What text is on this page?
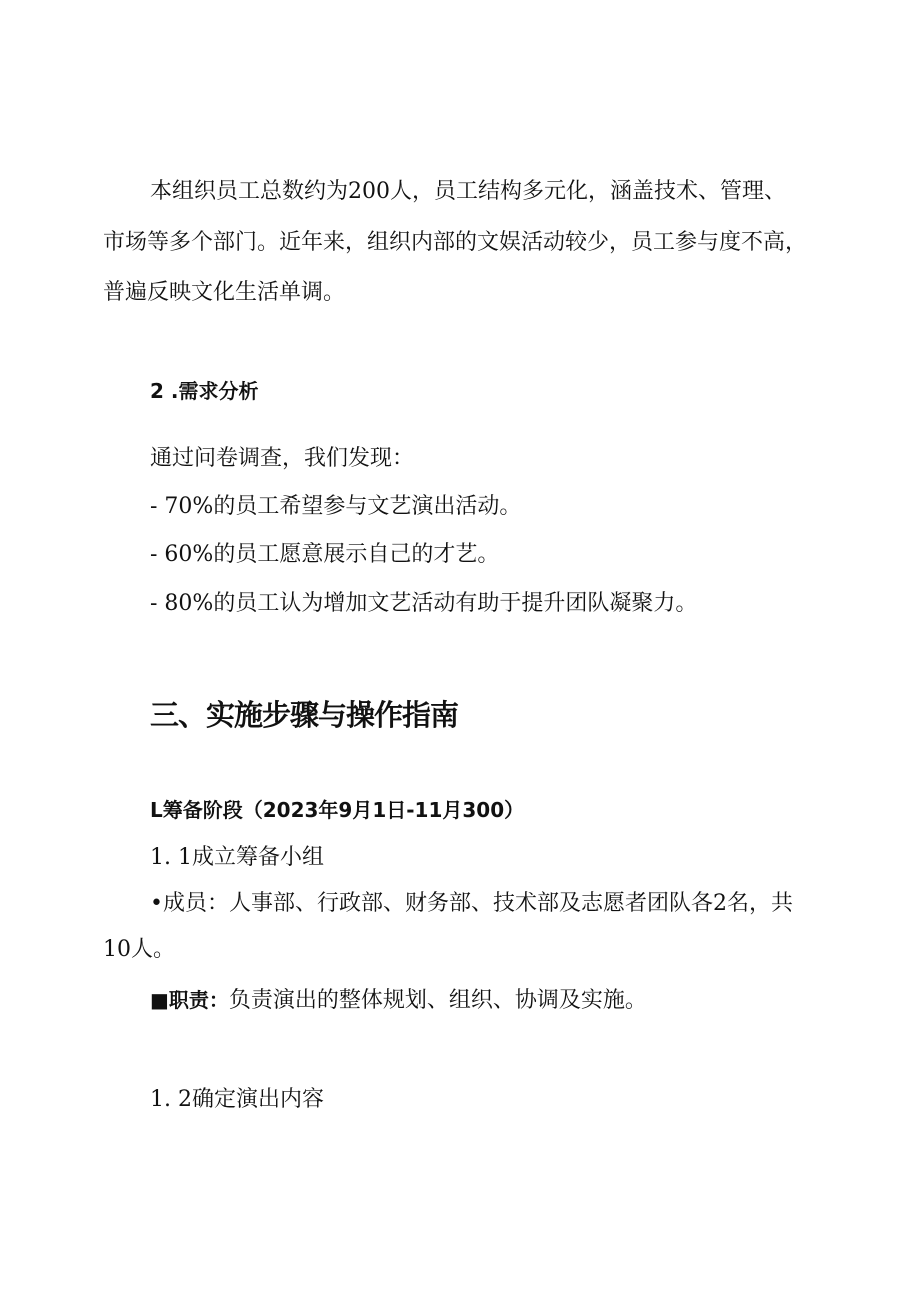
本组织员工总数约为200人，员工结构多元化，涵盖技术、管理、

市场等多个部门。近年来，组织内部的文娱活动较少，员工参与度不高，

普遍反映文化生活单调。

2 .需求分析

通过问卷调查，我们发现：

- 70%的员工希望参与文艺演出活动。
- 60%的员工愿意展示自己的才艺。
- 80%的员工认为增加文艺活动有助于提升团队凝聚力。
三、实施步骤与操作指南
L筹备阶段（2023年9月1日-11月300）

1. 1成立筹备小组

•成员：人事部、行政部、财务部、技术部及志愿者团队各2名，共

10人。

■职责：负责演出的整体规划、组织、协调及实施。

1. 2确定演出内容
